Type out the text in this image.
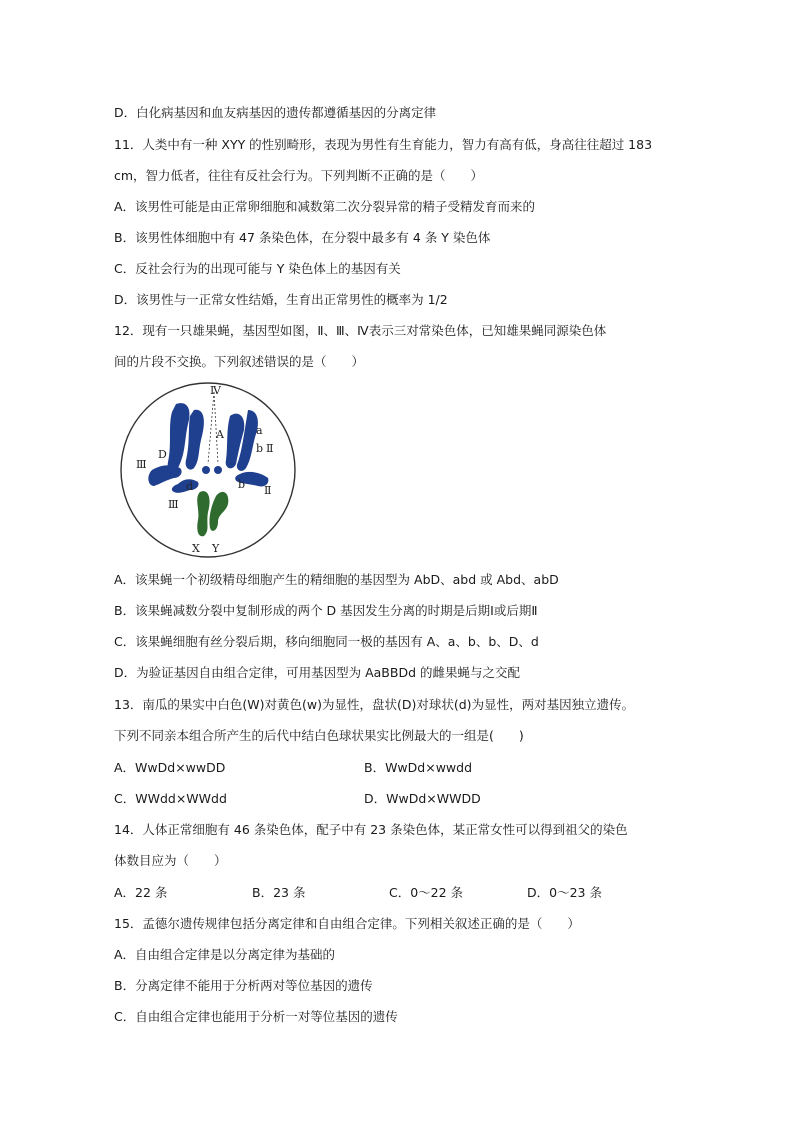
D．白化病基因和血友病基因的遗传都遵循基因的分离定律
11．人类中有一种 XYY 的性别畸形，表现为男性有生育能力，智力有高有低，身高往往超过 183
cm，智力低者，往往有反社会行为。下列判断不正确的是（　　）
A．该男性可能是由正常卵细胞和减数第二次分裂异常的精子受精发育而来的
B．该男性体细胞中有 47 条染色体，在分裂中最多有 4 条 Y 染色体
C．反社会行为的出现可能与 Y 染色体上的基因有关
D．该男性与一正常女性结婚，生育出正常男性的概率为 1/2
12．现有一只雄果蝇，基因型如图，Ⅱ、Ⅲ、Ⅳ表示三对常染色体，已知雄果蝇同源染色体
间的片段不交换。下列叙述错误的是（　　）
Ⅳ
A	a
Ⅱ
b
b Ⅱ
Ⅲ
D
d
Ⅲ
X Y
A．该果蝇一个初级精母细胞产生的精细胞的基因型为 AbD、abd 或 Abd、abD
B．该果蝇减数分裂中复制形成的两个 D 基因发生分离的时期是后期Ⅰ或后期Ⅱ
C．该果蝇细胞有丝分裂后期，移向细胞同一极的基因有 A、a、b、b、D、d
D．为验证基因自由组合定律，可用基因型为 AaBBDd 的雌果蝇与之交配
13．南瓜的果实中白色(W)对黄色(w)为显性，盘状(D)对球状(d)为显性，两对基因独立遗传。
下列不同亲本组合所产生的后代中结白色球状果实比例最大的一组是(　　)
A．WwDd×wwDD	B．WwDd×wwdd
C．WWdd×WWdd	D．WwDd×WWDD
14．人体正常细胞有 46 条染色体，配子中有 23 条染色体，某正常女性可以得到祖父的染色
体数目应为（　　）
A．22 条	B．23 条	C．0～22 条	D．0～23 条
15．孟德尔遗传规律包括分离定律和自由组合定律。下列相关叙述正确的是（　　）
A．自由组合定律是以分离定律为基础的
B．分离定律不能用于分析两对等位基因的遗传
C．自由组合定律也能用于分析一对等位基因的遗传
